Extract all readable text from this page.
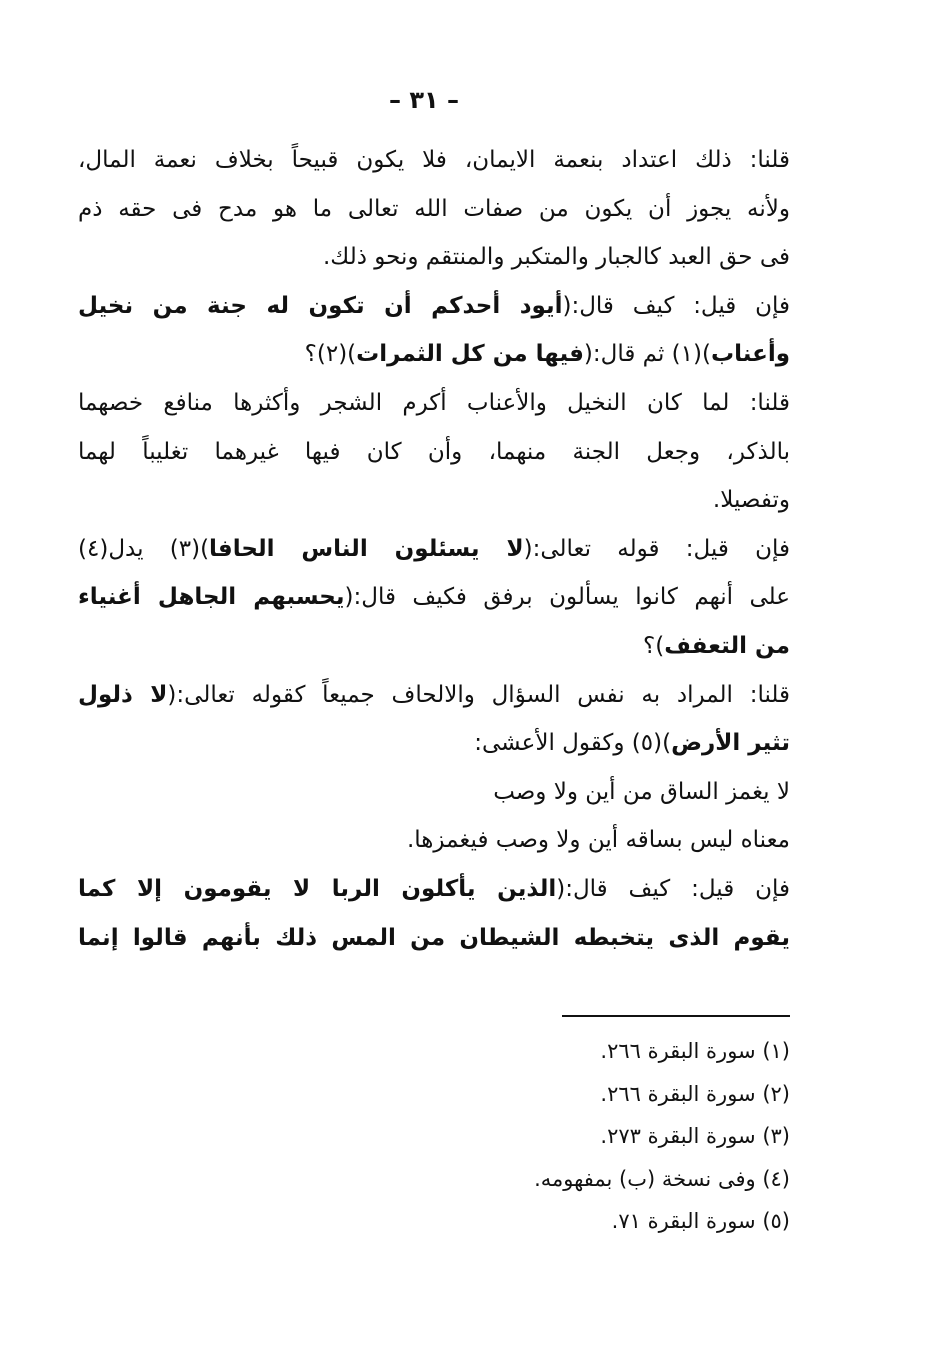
– ٣١ –
قلنا: ذلك اعتداد بنعمة الايمان، فلا يكون قبيحاً بخلاف نعمة المال،
ولأنه يجوز أن يكون من صفات الله تعالى ما هو مدح فى حقه ذم
فى حق العبد كالجبار والمتكبر والمنتقم ونحو ذلك.
فإن قيل: كيف قال:(أيود أحدكم أن تكون له جنة من نخيل
وأعناب)(١) ثم قال:(فيها من كل الثمرات)(٢)؟
قلنا: لما كان النخيل والأعناب أكرم الشجر وأكثرها منافع خصهما
بالذكر، وجعل الجنة منهما، وأن كان فيها غيرهما تغليباً لهما
وتفصيلا.
فإن قيل: قوله تعالى:(لا يسئلون الناس الحافا)(٣) يدل(٤)
على أنهم كانوا يسألون برفق فكيف قال:(يحسبهم الجاهل أغنياء
من التعفف)؟
قلنا: المراد به نفس السؤال والالحاف جميعاً كقوله تعالى:(لا ذلول
تثير الأرض)(٥) وكقول الأعشى:
لا يغمز الساق من أين ولا وصب
معناه ليس بساقه أين ولا وصب فيغمزها.
فإن قيل: كيف قال:(الذين يأكلون الربا لا يقومون إلا كما
يقوم الذى يتخبطه الشيطان من المس ذلك بأنهم قالوا إنما
(١) سورة البقرة ٢٦٦.
(٢) سورة البقرة ٢٦٦.
(٣) سورة البقرة ٢٧٣.
(٤) وفى نسخة (ب) بمفهومه.
(٥) سورة البقرة ٧١.
